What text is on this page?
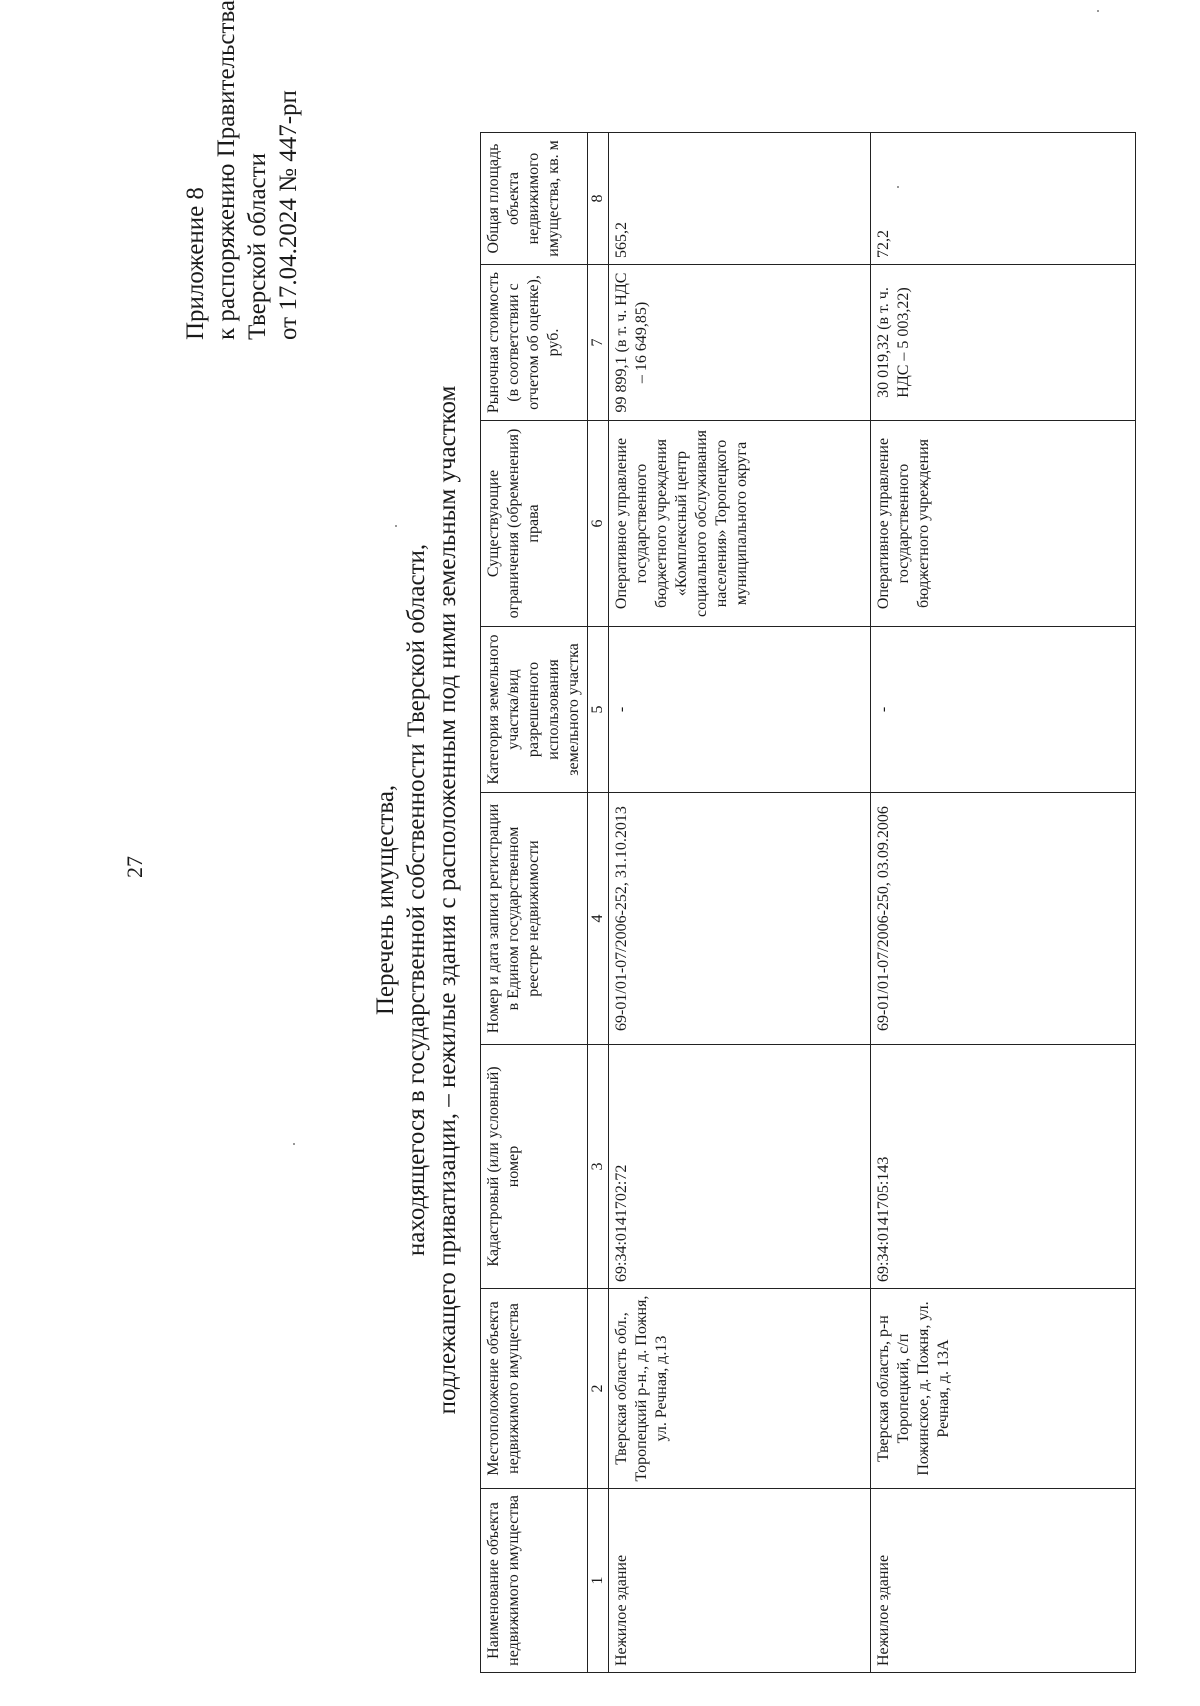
27
Приложение 8 к распоряжению Правительства Тверской области от 17.04.2024 № 447-рп
Перечень имущества, находящегося в государственной собственности Тверской области, подлежащего приватизации, – нежилые здания с расположенным под ними земельным участком
Наименование объекта недвижимого имущества	Местоположение объекта недвижимого имущества	Кадастровый (или условный) номер	Номер и дата записи регистрации в Едином государственном реестре недвижимости	Категория земельного участка/вид разрешенного использования земельного участка	Существующие ограничения (обременения) права	Рыночная стоимость (в соответствии с отчетом об оценке), руб.	Общая площадь объекта недвижимого имущества, кв. м
1	2	3	4	5	6	7	8
Нежилое здание	Тверская область обл., Торопецкий р-н., д. Пожня, ул. Речная, д.13	69:34:0141702:72	69-01/01-07/2006-252, 31.10.2013	-	Оперативное управление государственного бюджетного учреждения «Комплексный центр социального обслуживания населения» Торопецкого муниципального округа	99 899,1 (в т. ч. НДС – 16 649,85)	565,2
Нежилое здание	Тверская область, р-н Торопецкий, с/п Пожинское, д. Пожня, ул. Речная, д. 13А	69:34:0141705:143	69-01/01-07/2006-250, 03.09.2006	-	Оперативное управление государственного бюджетного учреждения	30 019,32 (в т. ч. НДС – 5 003,22)	72,2
